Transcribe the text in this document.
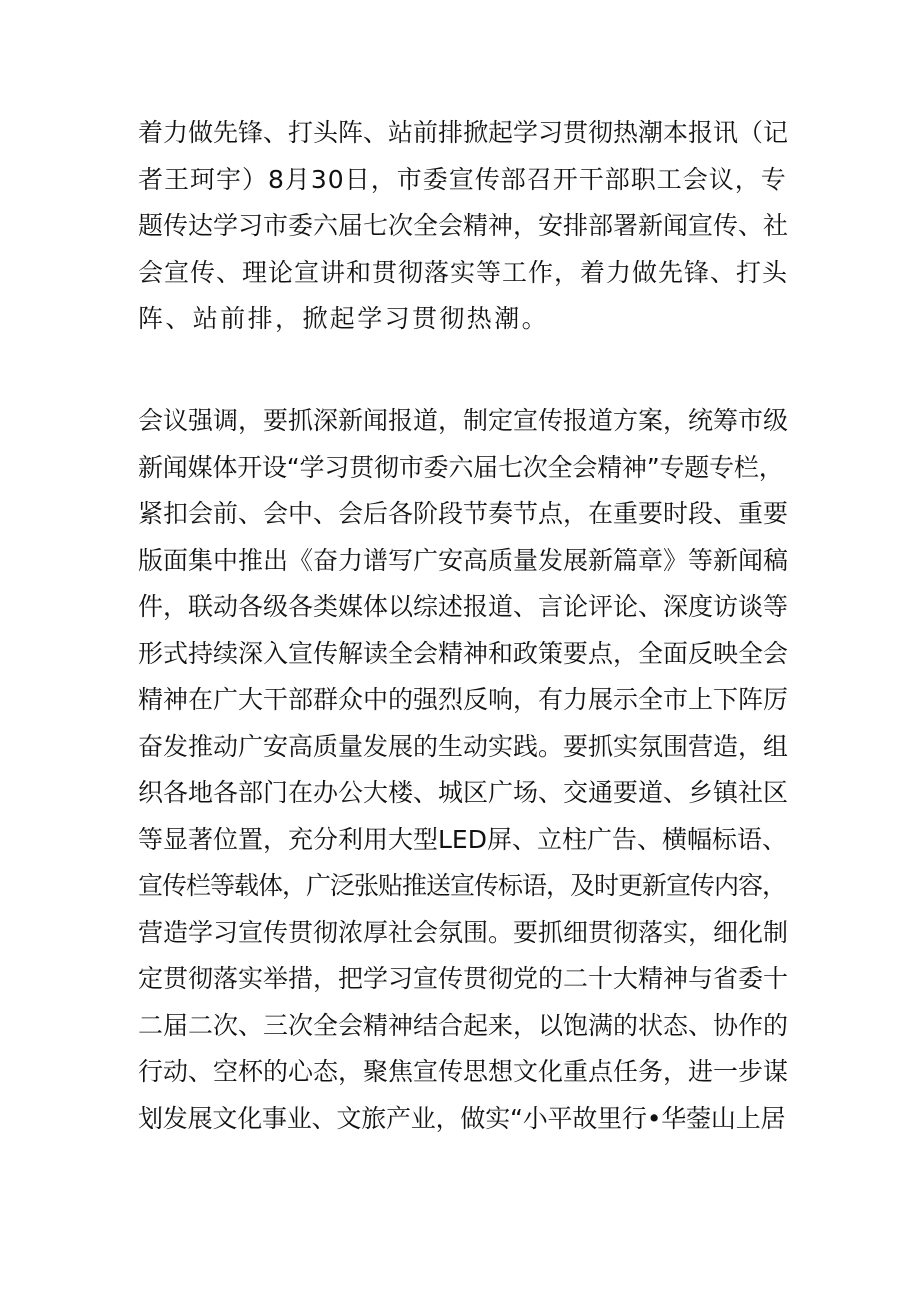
着力做先锋、打头阵、站前排掀起学习贯彻热潮本报讯（记
者王珂宇）8月30日，市委宣传部召开干部职工会议，专
题传达学习市委六届七次全会精神，安排部署新闻宣传、社
会宣传、理论宣讲和贯彻落实等工作，着力做先锋、打头
阵、站前排，掀起学习贯彻热潮。
会议强调，要抓深新闻报道，制定宣传报道方案，统筹市级
新闻媒体开设“学习贯彻市委六届七次全会精神”专题专栏，
紧扣会前、会中、会后各阶段节奏节点，在重要时段、重要
版面集中推出《奋力谱写广安高质量发展新篇章》等新闻稿
件，联动各级各类媒体以综述报道、言论评论、深度访谈等
形式持续深入宣传解读全会精神和政策要点，全面反映全会
精神在广大干部群众中的强烈反响，有力展示全市上下阵厉
奋发推动广安高质量发展的生动实践。要抓实氛围营造，组
织各地各部门在办公大楼、城区广场、交通要道、乡镇社区
等显著位置，充分利用大型LED屏、立柱广告、横幅标语、
宣传栏等载体，广泛张贴推送宣传标语，及时更新宣传内容，
营造学习宣传贯彻浓厚社会氛围。要抓细贯彻落实，细化制
定贯彻落实举措，把学习宣传贯彻党的二十大精神与省委十
二届二次、三次全会精神结合起来，以饱满的状态、协作的
行动、空杯的心态，聚焦宣传思想文化重点任务，进一步谋
划发展文化事业、文旅产业，做实“小平故里行•华蓥山上居
